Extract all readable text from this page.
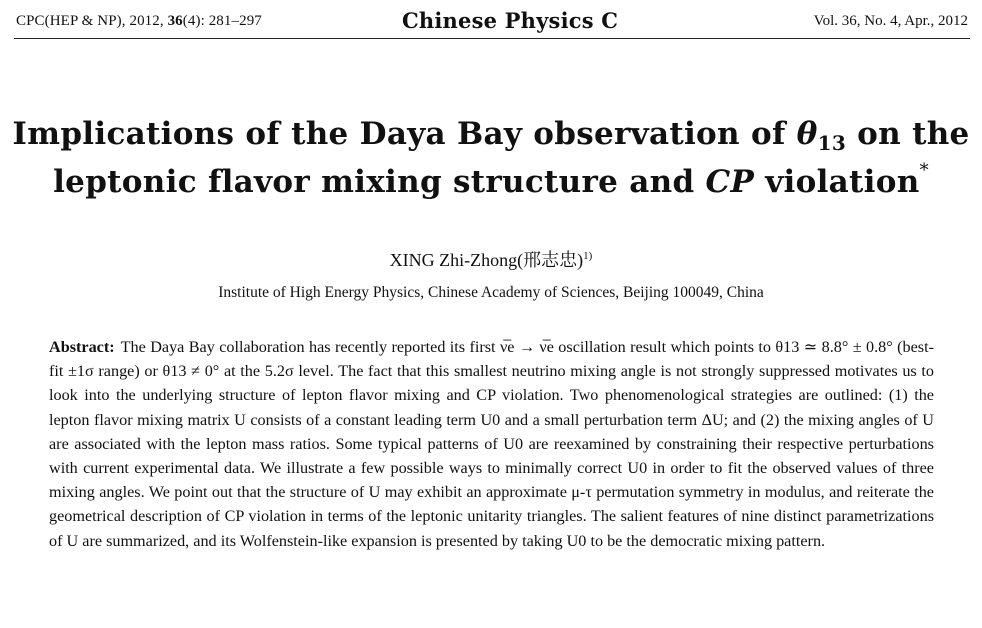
CPC(HEP & NP), 2012, 36(4): 281–297	Chinese Physics C	Vol. 36, No. 4, Apr., 2012
Implications of the Daya Bay observation of $\theta_{13}$ on the
leptonic flavor mixing structure and CP violation*
XING Zhi-Zhong(邢志忠)$^{1)}$
Institute of High Energy Physics, Chinese Academy of Sciences, Beijing 100049, China
Abstract: The Daya Bay collaboration has recently reported its first ν̅e → ν̅e oscillation result which points to θ13 ≃ 8.8° ± 0.8° (best-fit ±1σ range) or θ13 ≠ 0° at the 5.2σ level. The fact that this smallest neutrino mixing angle is not strongly suppressed motivates us to look into the underlying structure of lepton flavor mixing and CP violation. Two phenomenological strategies are outlined: (1) the lepton flavor mixing matrix U consists of a constant leading term U0 and a small perturbation term ΔU; and (2) the mixing angles of U are associated with the lepton mass ratios. Some typical patterns of U0 are reexamined by constraining their respective perturbations with current experimental data. We illustrate a few possible ways to minimally correct U0 in order to fit the observed values of three mixing angles. We point out that the structure of U may exhibit an approximate μ-τ permutation symmetry in modulus, and reiterate the geometrical description of CP violation in terms of the leptonic unitarity triangles. The salient features of nine distinct parametrizations of U are summarized, and its Wolfenstein-like expansion is presented by taking U0 to be the democratic mixing pattern.
